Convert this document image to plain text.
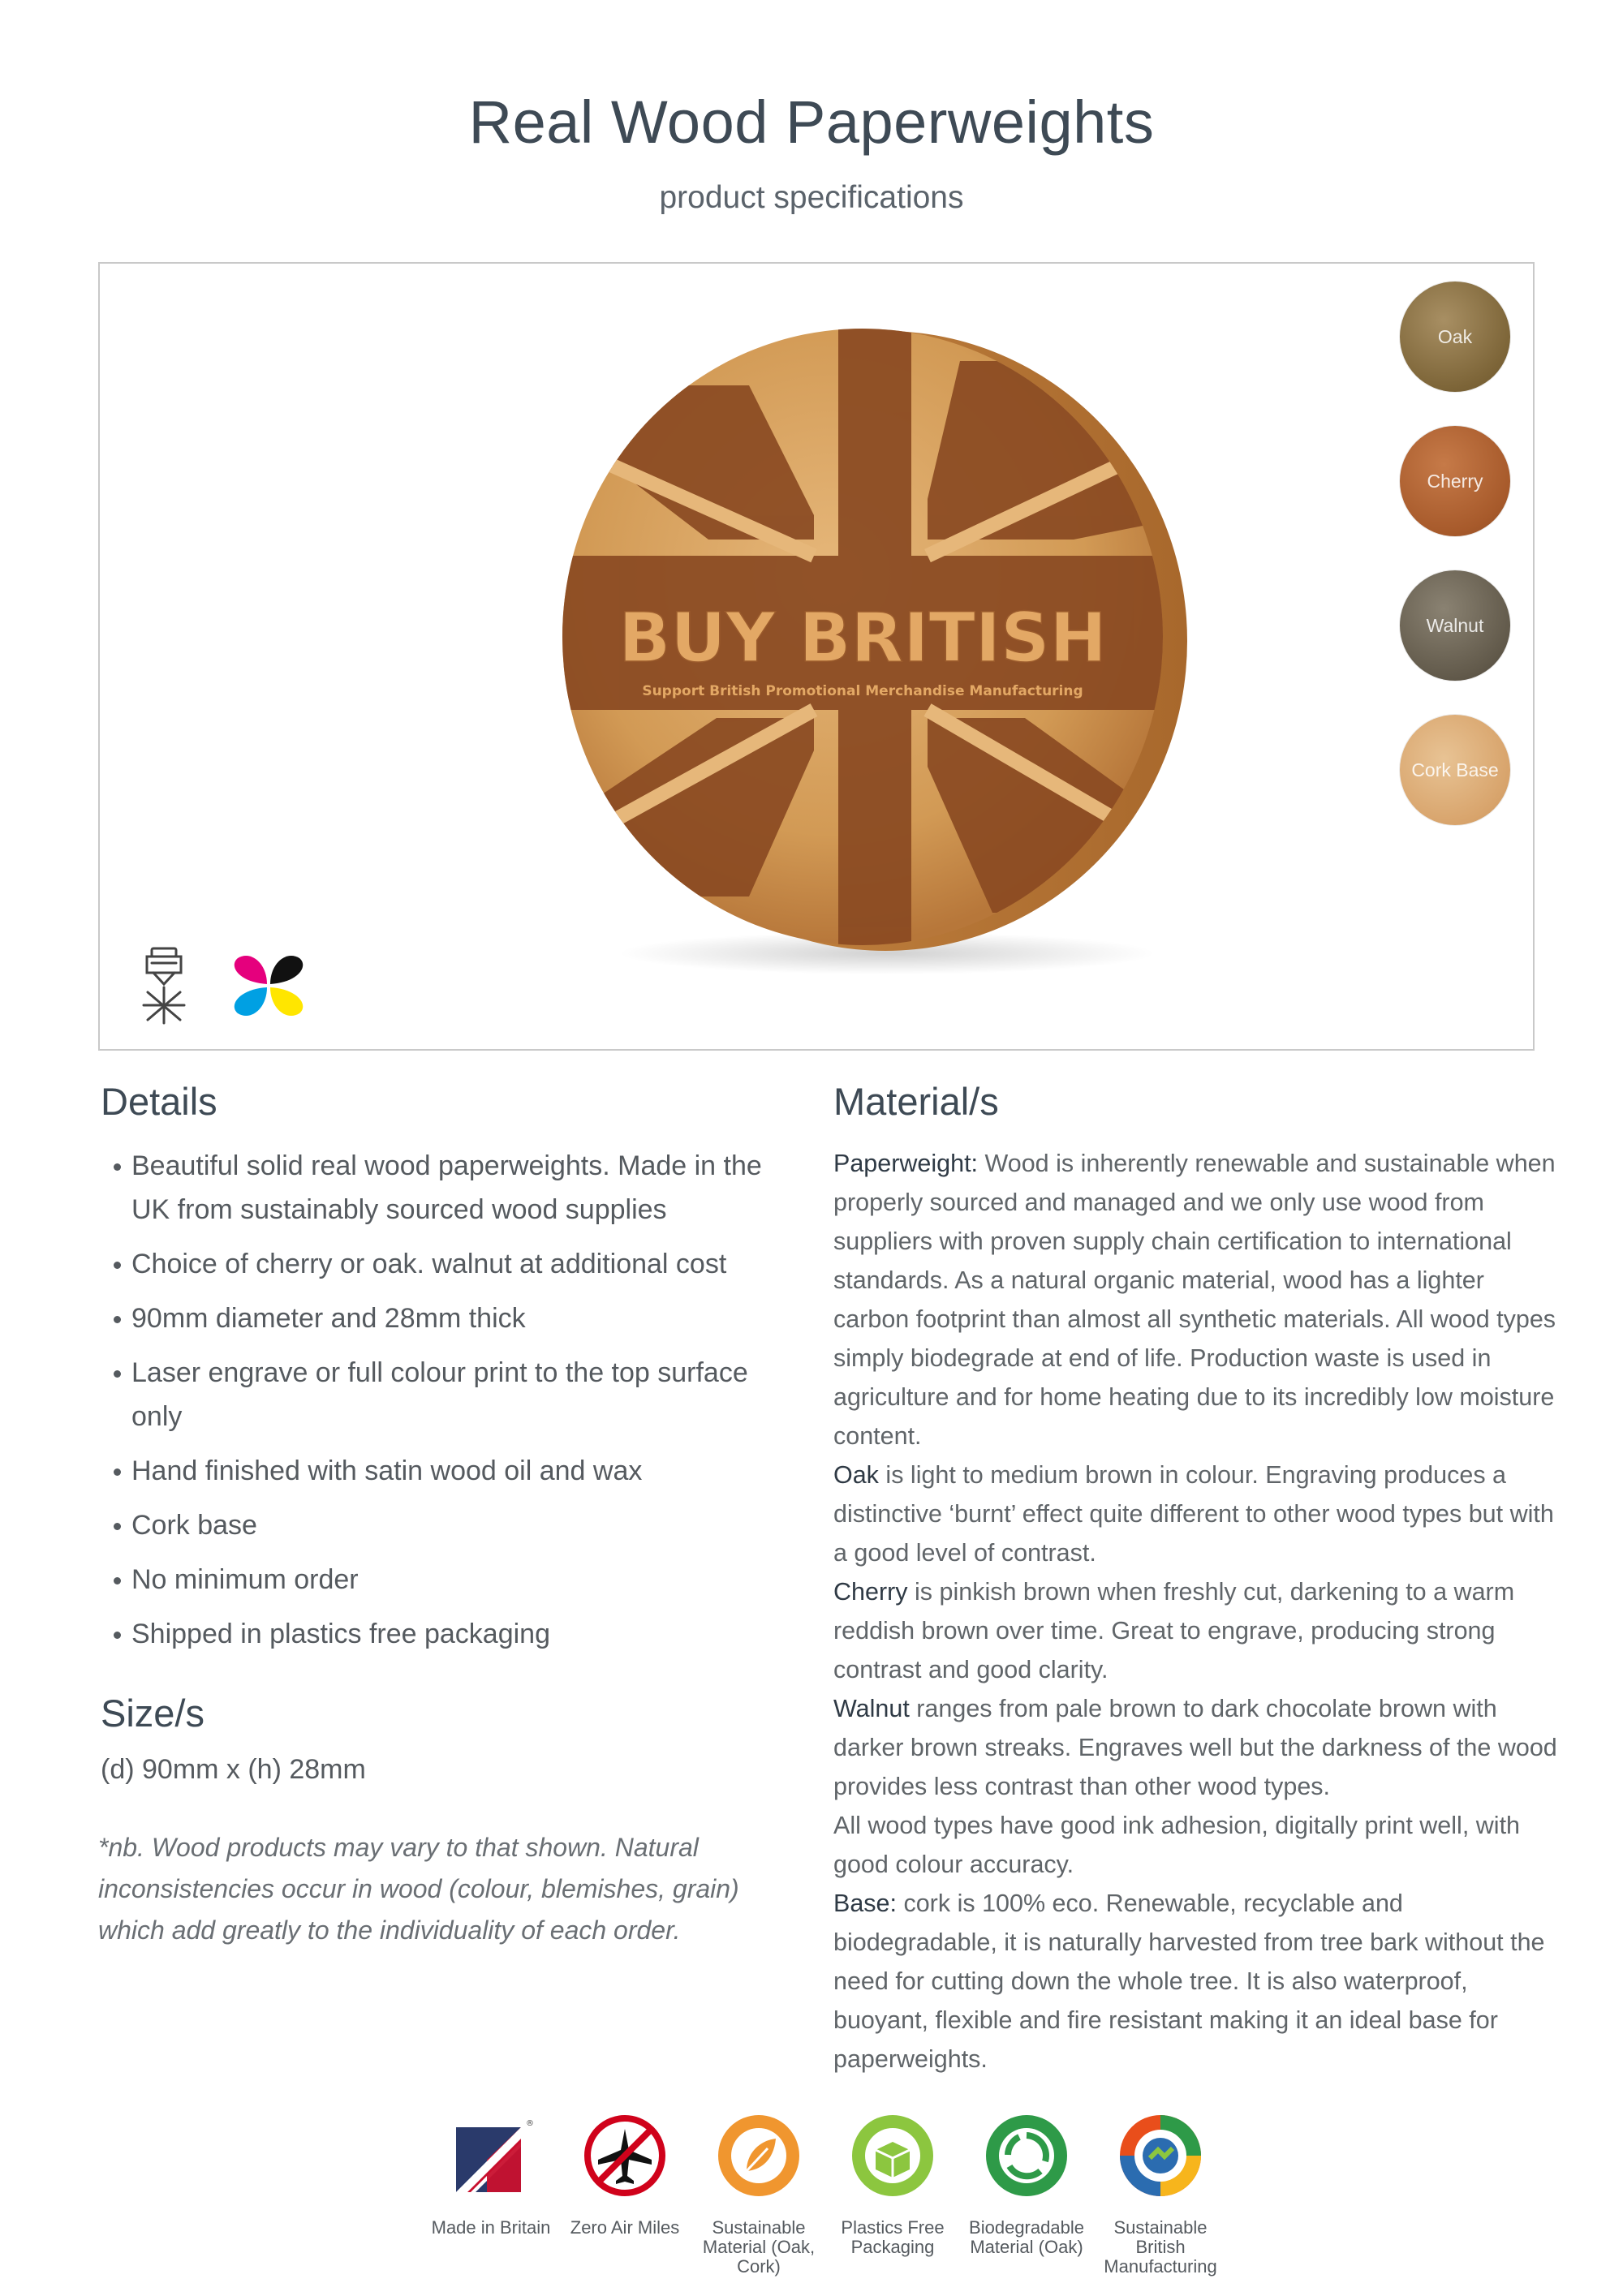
Real Wood Paperweights
product specifications
BUY BRITISH
Support British Promotional Merchandise Manufacturing
Oak
Cherry
Walnut
Cork Base
Details
Beautiful solid real wood paperweights. Made in the UK from sustainably sourced wood supplies
Choice of cherry or oak. walnut at additional cost
90mm diameter and 28mm thick
Laser engrave or full colour print to the top surface only
Hand finished with satin wood oil and wax
Cork base
No minimum order
Shipped in plastics free packaging
Size/s
(d) 90mm x (h) 28mm
*nb. Wood products may vary to that shown. Natural inconsistencies occur in wood (colour, blemishes, grain) which add greatly to the individuality of each order.
Material/s

Paperweight: Wood is inherently renewable and sustainable when properly sourced and managed and we only use wood from suppliers with proven supply chain certification to international standards. As a natural organic material, wood has a lighter carbon footprint than almost all synthetic materials. All wood types simply biodegrade at end of life. Production waste is used in agriculture and for home heating due to its incredibly low moisture content.

Oak is light to medium brown in colour. Engraving produces a distinctive ‘burnt’ effect quite different to other wood types but with a good level of contrast.

Cherry is pinkish brown when freshly cut, darkening to a warm reddish brown over time. Great to engrave, producing strong contrast and good clarity.

Walnut ranges from pale brown to dark chocolate brown with darker brown streaks. Engraves well but the darkness of the wood provides less contrast than other wood types.

All wood types have good ink adhesion, digitally print well, with good colour accuracy.

Base: cork is 100% eco. Renewable, recyclable and biodegradable, it is naturally harvested from tree bark without the need for cutting down the whole tree. It is also waterproof, buoyant, flexible and fire resistant making it an ideal base for paperweights.

®
Made in Britain	Zero Air Miles	Sustainable Material (Oak, Cork)
Plastics Free Packaging
Biodegradable Material (Oak)
Sustainable British Manufacturing
